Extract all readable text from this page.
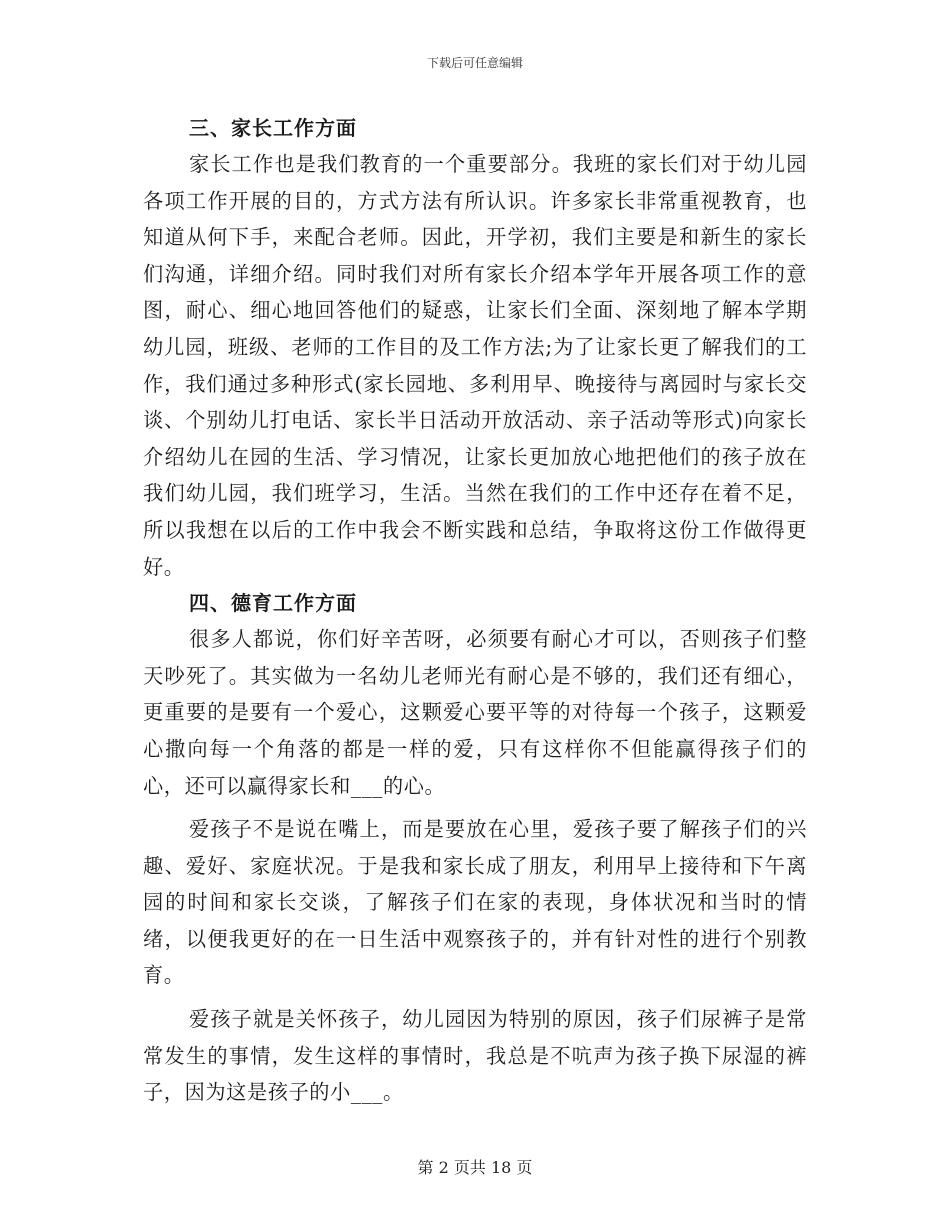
下载后可任意编辑
三、家长工作方面

家长工作也是我们教育的一个重要部分。我班的家长们对于幼儿园各项工作开展的目的，方式方法有所认识。许多家长非常重视教育，也知道从何下手，来配合老师。因此，开学初，我们主要是和新生的家长们沟通，详细介绍。同时我们对所有家长介绍本学年开展各项工作的意图，耐心、细心地回答他们的疑惑，让家长们全面、深刻地了解本学期幼儿园，班级、老师的工作目的及工作方法;为了让家长更了解我们的工作，我们通过多种形式(家长园地、多利用早、晚接待与离园时与家长交谈、个别幼儿打电话、家长半日活动开放活动、亲子活动等形式)向家长介绍幼儿在园的生活、学习情况，让家长更加放心地把他们的孩子放在我们幼儿园，我们班学习，生活。当然在我们的工作中还存在着不足，所以我想在以后的工作中我会不断实践和总结，争取将这份工作做得更好。

四、德育工作方面

很多人都说，你们好辛苦呀，必须要有耐心才可以，否则孩子们整天吵死了。其实做为一名幼儿老师光有耐心是不够的，我们还有细心，更重要的是要有一个爱心，这颗爱心要平等的对待每一个孩子，这颗爱心撒向每一个角落的都是一样的爱，只有这样你不但能赢得孩子们的心，还可以赢得家长和___的心。

爱孩子不是说在嘴上，而是要放在心里，爱孩子要了解孩子们的兴趣、爱好、家庭状况。于是我和家长成了朋友，利用早上接待和下午离园的时间和家长交谈，了解孩子们在家的表现，身体状况和当时的情绪，以便我更好的在一日生活中观察孩子的，并有针对性的进行个别教育。

爱孩子就是关怀孩子，幼儿园因为特别的原因，孩子们尿裤子是常常发生的事情，发生这样的事情时，我总是不吭声为孩子换下尿湿的裤子，因为这是孩子的小___。

第 2 页共 18 页
